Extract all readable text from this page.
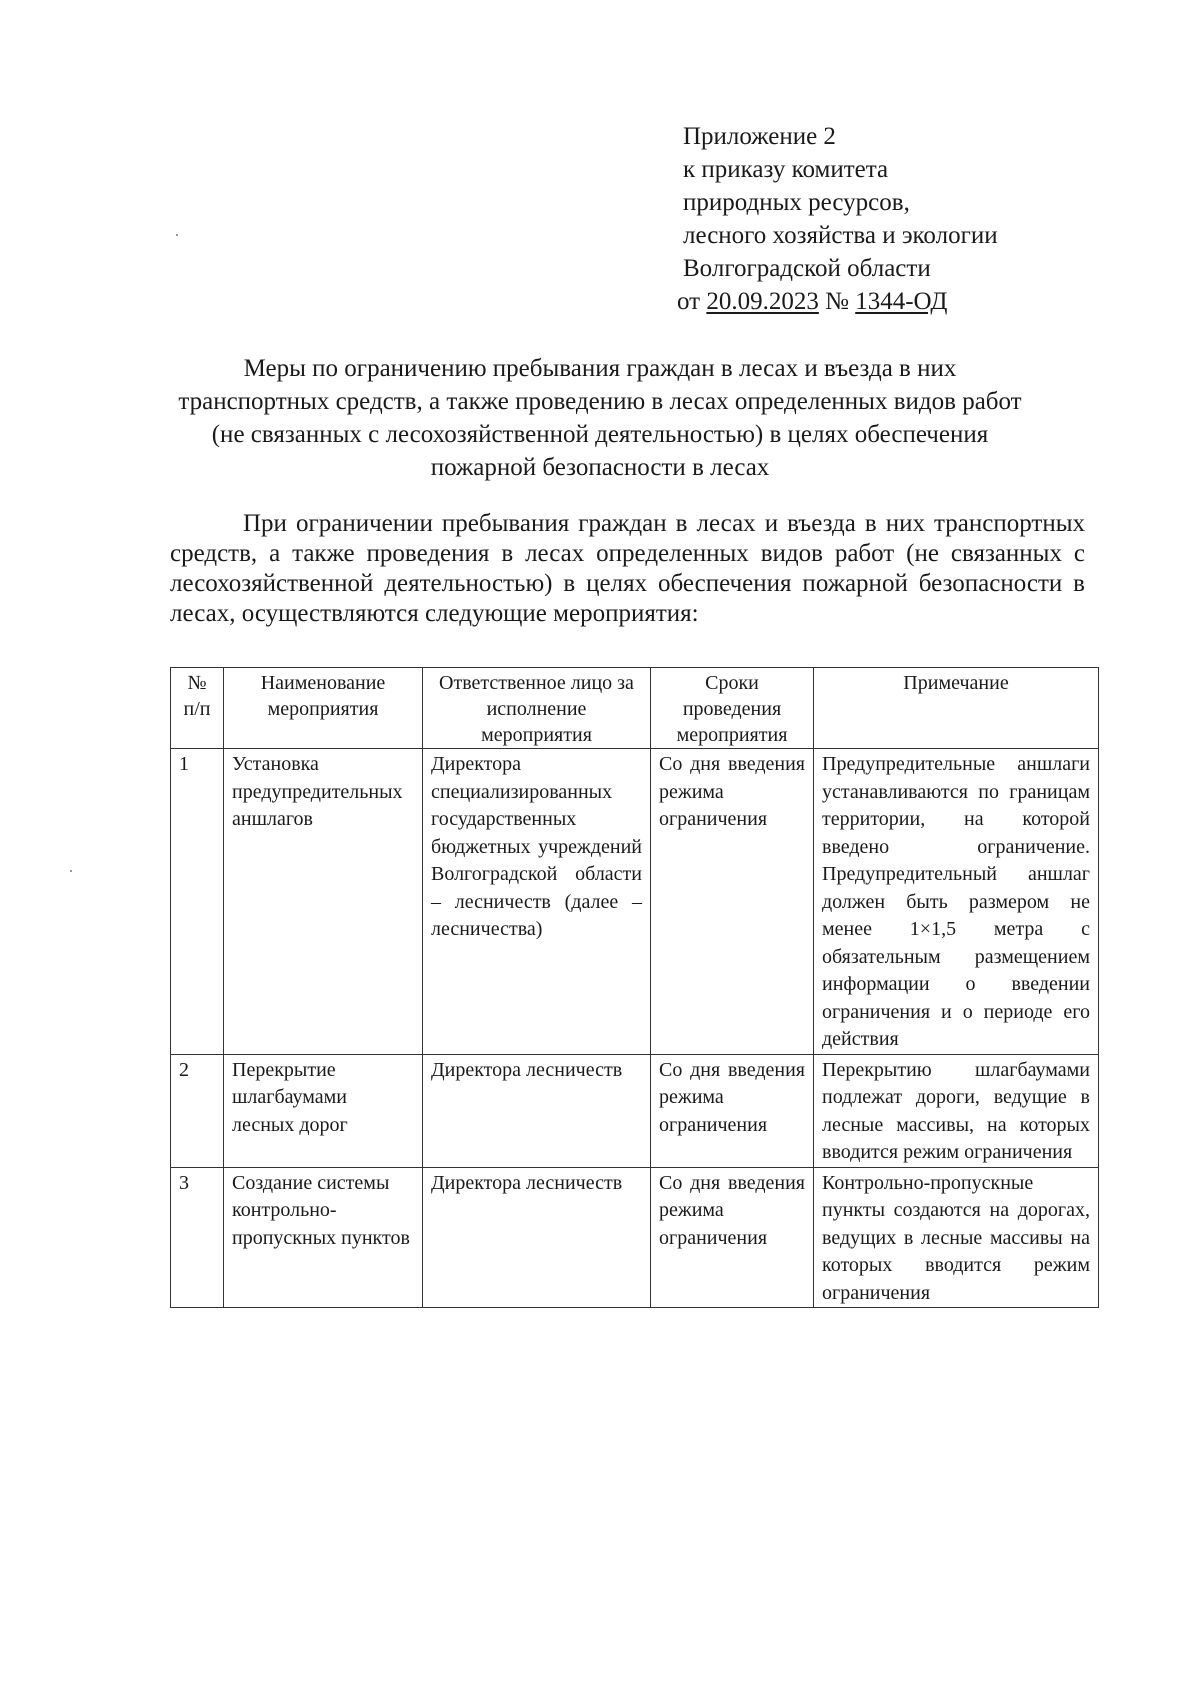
Приложение 2
к приказу комитета
природных ресурсов,
лесного хозяйства и экологии
Волгоградской области
от 20.09.2023 № 1344-ОД
Меры по ограничению пребывания граждан в лесах и въезда в них транспортных средств, а также проведению в лесах определенных видов работ (не связанных с лесохозяйственной деятельностью) в целях обеспечения пожарной безопасности в лесах
При ограничении пребывания граждан в лесах и въезда в них транспортных средств, а также проведения в лесах определенных видов работ (не связанных с лесохозяйственной деятельностью) в целях обеспечения пожарной безопасности в лесах, осуществляются следующие мероприятия:
№ п/п	Наименование мероприятия	Ответственное лицо за исполнение мероприятия	Сроки проведения мероприятия	Примечание
1	Установка предупредительных аншлагов	Директора специализированных государственных бюджетных учреждений Волгоградской области – лесничеств (далее – лесничества)	Со дня введения режима ограничения	Предупредительные аншлаги устанавливаются по границам территории, на которой введено ограничение. Предупредительный аншлаг должен быть размером не менее 1×1,5 метра с обязательным размещением информации о введении ограничения и о периоде его действия
2	Перекрытие шлагбаумами лесных дорог	Директора лесничеств	Со дня введения режима ограничения	Перекрытию шлагбаумами подлежат дороги, ведущие в лесные массивы, на которых вводится режим ограничения
3	Создание системы контрольно-пропускных пунктов	Директора лесничеств	Со дня введения режима ограничения	Контрольно-пропускные пункты создаются на дорогах, ведущих в лесные массивы на которых вводится режим ограничения
